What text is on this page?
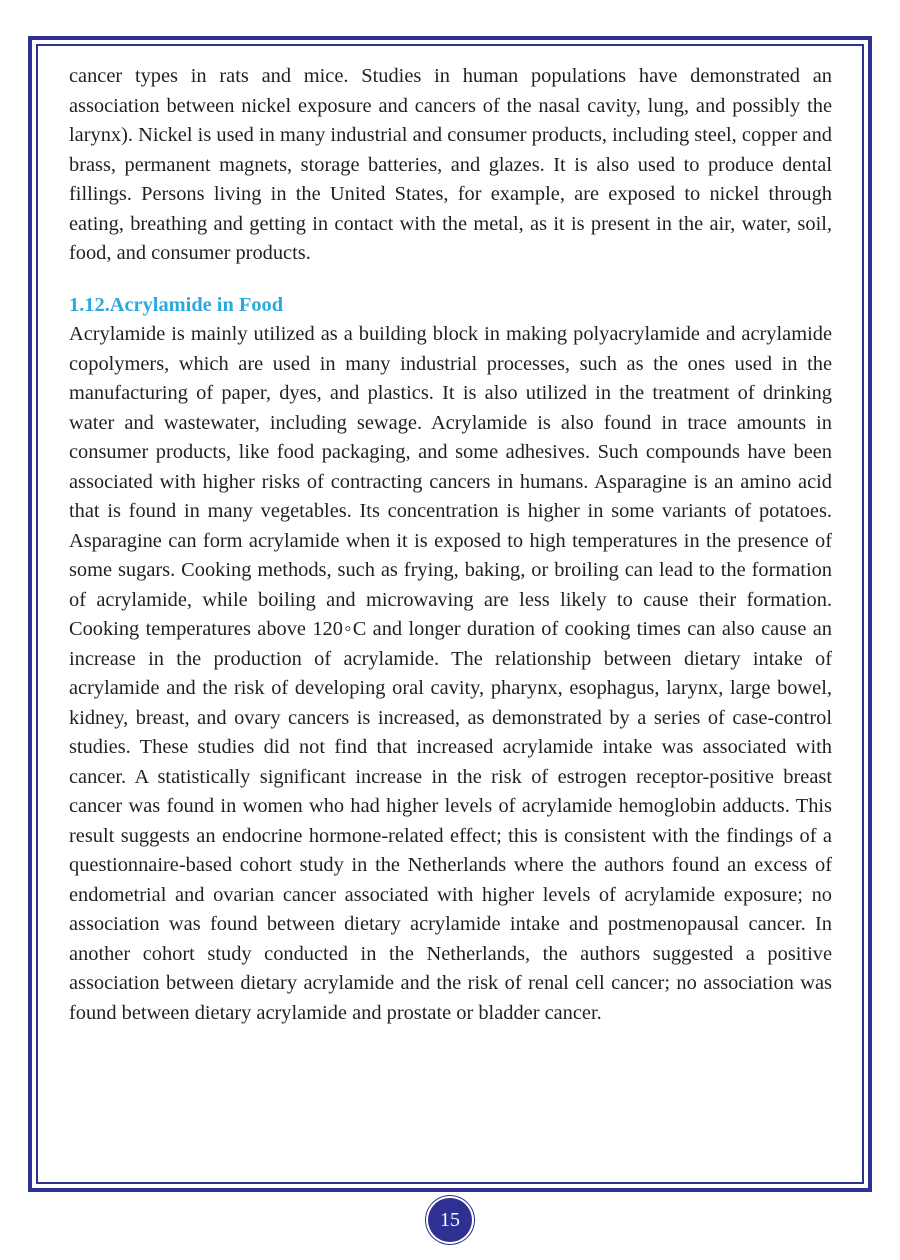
cancer types in rats and mice. Studies in human populations have demonstrated an association between nickel exposure and cancers of the nasal cavity, lung, and possibly the larynx). Nickel is used in many industrial and consumer products, including steel, copper and brass, permanent magnets, storage batteries, and glazes. It is also used to produce dental fillings. Persons living in the United States, for example, are exposed to nickel through eating, breathing and getting in contact with the metal, as it is present in the air, water, soil, food, and consumer products.

1.12.Acrylamide in Food

Acrylamide is mainly utilized as a building block in making polyacrylamide and acrylamide copolymers, which are used in many industrial processes, such as the ones used in the manufacturing of paper, dyes, and plastics. It is also utilized in the treatment of drinking water and wastewater, including sewage. Acrylamide is also found in trace amounts in consumer products, like food packaging, and some adhesives. Such compounds have been associated with higher risks of contracting cancers in humans. Asparagine is an amino acid that is found in many vegetables. Its concentration is higher in some variants of potatoes. Asparagine can form acrylamide when it is exposed to high temperatures in the presence of some sugars. Cooking methods, such as frying, baking, or broiling can lead to the formation of acrylamide, while boiling and microwaving are less likely to cause their formation. Cooking temperatures above 120◦C and longer duration of cooking times can also cause an increase in the production of acrylamide. The relationship between dietary intake of acrylamide and the risk of developing oral cavity, pharynx, esophagus, larynx, large bowel, kidney, breast, and ovary cancers is increased, as demonstrated by a series of case-control studies. These studies did not find that increased acrylamide intake was associated with cancer. A statistically significant increase in the risk of estrogen receptor-positive breast cancer was found in women who had higher levels of acrylamide hemoglobin adducts. This result suggests an endocrine hormone-related effect; this is consistent with the findings of a questionnaire-based cohort study in the Netherlands where the authors found an excess of endometrial and ovarian cancer associated with higher levels of acrylamide exposure; no association was found between dietary acrylamide intake and postmenopausal cancer. In another cohort study conducted in the Netherlands, the authors suggested a positive association between dietary acrylamide and the risk of renal cell cancer; no association was found between dietary acrylamide and prostate or bladder cancer.

15
